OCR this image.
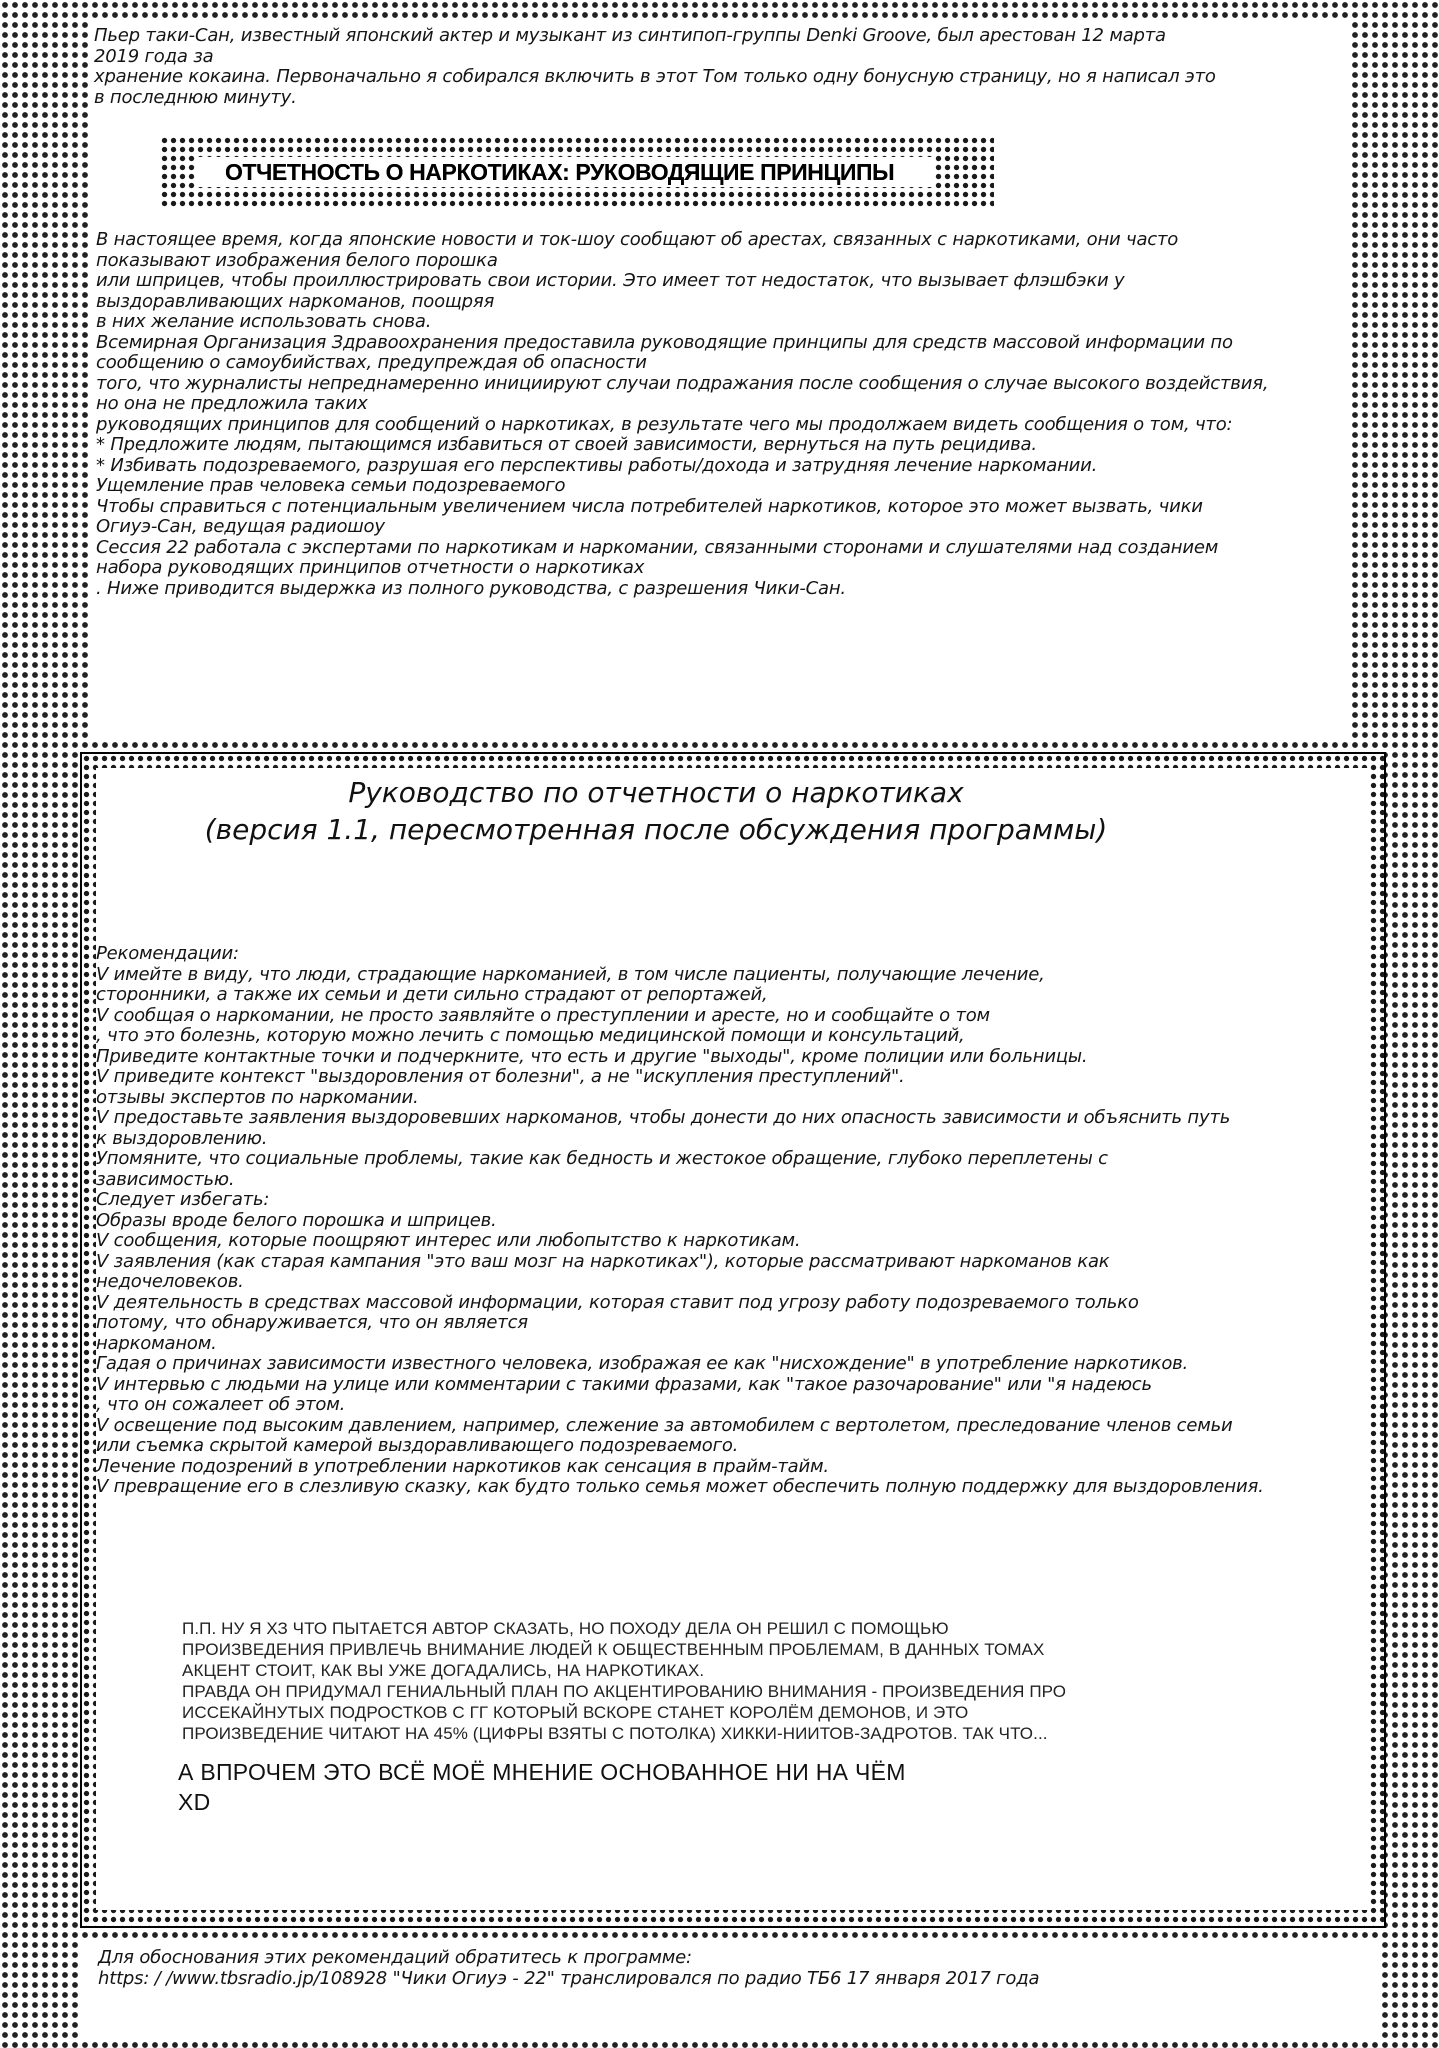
Пьер таки-Сан, известный японский актер и музыкант из синтипоп-группы Denki Groove, был арестован 12 марта
2019 года за
хранение кокаина. Первоначально я собирался включить в этот Том только одну бонусную страницу, но я написал это
в последнюю минуту.
ОТЧЕТНОСТЬ О НАРКОТИКАХ: РУКОВОДЯЩИЕ ПРИНЦИПЫ
В настоящее время, когда японские новости и ток-шоу сообщают об арестах, связанных с наркотиками, они часто
показывают изображения белого порошка
или шприцев, чтобы проиллюстрировать свои истории. Это имеет тот недостаток, что вызывает флэшбэки у
выздоравливающих наркоманов, поощряя
в них желание использовать снова.
Всемирная Организация Здравоохранения предоставила руководящие принципы для средств массовой информации по
сообщению о самоубийствах, предупреждая об опасности
того, что журналисты непреднамеренно инициируют случаи подражания после сообщения о случае высокого воздействия,
но она не предложила таких
руководящих принципов для сообщений о наркотиках, в результате чего мы продолжаем видеть сообщения о том, что:
* Предложите людям, пытающимся избавиться от своей зависимости, вернуться на путь рецидива.
* Избивать подозреваемого, разрушая его перспективы работы/дохода и затрудняя лечение наркомании.
Ущемление прав человека семьи подозреваемого
Чтобы справиться с потенциальным увеличением числа потребителей наркотиков, которое это может вызвать, чики
Огиуэ-Сан, ведущая радиошоу
Сессия 22 работала с экспертами по наркотикам и наркомании, связанными сторонами и слушателями над созданием
набора руководящих принципов отчетности о наркотиках
. Ниже приводится выдержка из полного руководства, с разрешения Чики-Сан.
Руководство по отчетности о наркотиках
(версия 1.1, пересмотренная после обсуждения программы)
Рекомендации:
V имейте в виду, что люди, страдающие наркоманией, в том числе пациенты, получающие лечение,
сторонники, а также их семьи и дети сильно страдают от репортажей,
V сообщая о наркомании, не просто заявляйте о преступлении и аресте, но и сообщайте о том
, что это болезнь, которую можно лечить с помощью медицинской помощи и консультаций,
Приведите контактные точки и подчеркните, что есть и другие "выходы", кроме полиции или больницы.
V приведите контекст "выздоровления от болезни", а не "искупления преступлений".
отзывы экспертов по наркомании.
V предоставьте заявления выздоровевших наркоманов, чтобы донести до них опасность зависимости и объяснить путь
к выздоровлению.
Упомяните, что социальные проблемы, такие как бедность и жестокое обращение, глубоко переплетены с
зависимостью.
Следует избегать:
Образы вроде белого порошка и шприцев.
V сообщения, которые поощряют интерес или любопытство к наркотикам.
V заявления (как старая кампания "это ваш мозг на наркотиках"), которые рассматривают наркоманов как
недочеловеков.
V деятельность в средствах массовой информации, которая ставит под угрозу работу подозреваемого только
потому, что обнаруживается, что он является
наркоманом.
Гадая о причинах зависимости известного человека, изображая ее как "нисхождение" в употребление наркотиков.
V интервью с людьми на улице или комментарии с такими фразами, как "такое разочарование" или "я надеюсь
, что он сожалеет об этом.
V освещение под высоким давлением, например, слежение за автомобилем с вертолетом, преследование членов семьи
или съемка скрытой камерой выздоравливающего подозреваемого.
Лечение подозрений в употреблении наркотиков как сенсация в прайм-тайм.
V превращение его в слезливую сказку, как будто только семья может обеспечить полную поддержку для выздоровления.
П.П. НУ Я ХЗ ЧТО ПЫТАЕТСЯ АВТОР СКАЗАТЬ, НО ПОХОДУ ДЕЛА ОН РЕШИЛ С ПОМОЩЬЮ
ПРОИЗВЕДЕНИЯ ПРИВЛЕЧЬ ВНИМАНИЕ ЛЮДЕЙ К ОБЩЕСТВЕННЫМ ПРОБЛЕМАМ, В ДАННЫХ ТОМАХ
АКЦЕНТ СТОИТ, КАК ВЫ УЖЕ ДОГАДАЛИСЬ, НА НАРКОТИКАХ.
ПРАВДА ОН ПРИДУМАЛ ГЕНИАЛЬНЫЙ ПЛАН ПО АКЦЕНТИРОВАНИЮ ВНИМАНИЯ - ПРОИЗВЕДЕНИЯ ПРО
ИССЕКАЙНУТЫХ ПОДРОСТКОВ С ГГ КОТОРЫЙ ВСКОРЕ СТАНЕТ КОРОЛЁМ ДЕМОНОВ, И ЭТО
ПРОИЗВЕДЕНИЕ ЧИТАЮТ НА 45% (ЦИФРЫ ВЗЯТЫ С ПОТОЛКА) ХИККИ-НИИТОВ-ЗАДРОТОВ. ТАК ЧТО...
А ВПРОЧЕМ ЭТО ВСЁ МОЁ МНЕНИЕ ОСНОВАННОЕ НИ НА ЧЁМ
XD
Для обоснования этих рекомендаций обратитесь к программе:
https: / /www.tbsradio.jp/108928 "Чики Огиуэ - 22" транслировался по радио ТБ6 17 января 2017 года
